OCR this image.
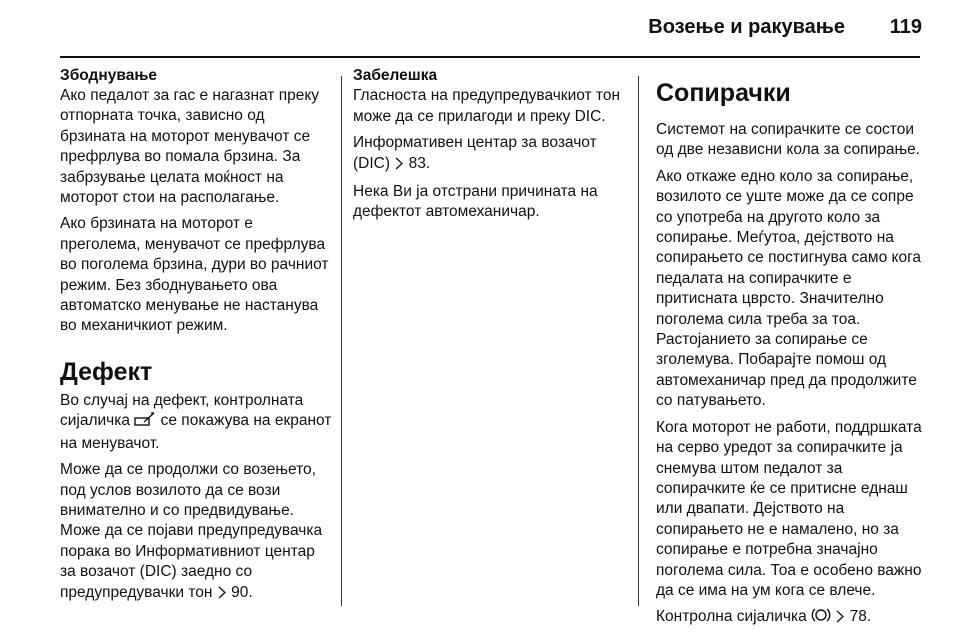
Возење и ракување 119
Збоднување

Ако педалот за гас е нагазнат преку отпорната точка, зависно од брзината на моторот менувачот се префрлува во помала брзина. За забрзување целата моќност на моторот стои на располагање.

Ако брзината на моторот е преголема, менувачот се префрлува во поголема брзина, дури во рачниот режим. Без збоднувањето ова автоматско менување не настанува во механичкиот режим.

Дефект

Во случај на дефект, контролната сијаличка се покажува на екранот на менувачот.

Може да се продолжи со возењето, под услов возилото да се вози внимателно и со предвидување. Може да се појави предупредувачка порака во Информативниот центар за возачот (DIC) заедно со предупредувачки тон 90.

Забелешка

Гласноста на предупредувачкиот тон може да се прилагоди и преку DIC.

Информативен центар за возачот (DIC) 83.

Нека Ви ја отстрани причината на дефектот автомеханичар.

Сопирачки

Системот на сопирачките се состои од две независни кола за сопирање.

Ако откаже едно коло за сопирање, возилото се уште може да се сопре со употреба на другото коло за сопирање. Меѓутоа, дејството на сопирањето се постигнува само кога педалата на сопирачките е притисната цврсто. Значително поголема сила треба за тоа. Растојанието за сопирање се зголемува. Побарајте помош од автомеханичар пред да продолжите со патувањето.

Кога моторот не работи, поддршката на серво уредот за сопирачките ја снемува штом педалот за сопирачките ќе се притисне еднаш или двапати. Дејството на сопирањето не е намалено, но за сопирање е потребна значајно поголема сила. Тоа е особено важно да се има на ум кога се влече.

Контролна сијаличка	78.
